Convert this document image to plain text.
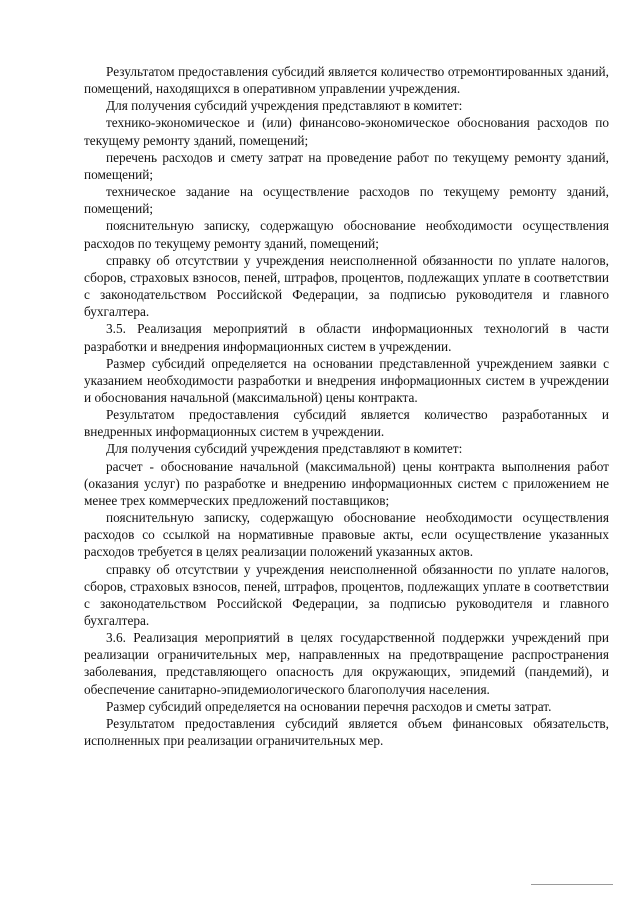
Результатом предоставления субсидий является количество отремонтированных зданий, помещений, находящихся в оперативном управлении учреждения.

Для получения субсидий учреждения представляют в комитет:

технико-экономическое и (или) финансово-экономическое обоснования расходов по текущему ремонту зданий, помещений;

перечень расходов и смету затрат на проведение работ по текущему ремонту зданий, помещений;

техническое задание на осуществление расходов по текущему ремонту зданий, помещений;

пояснительную записку, содержащую обоснование необходимости осуществления расходов по текущему ремонту зданий, помещений;

справку об отсутствии у учреждения неисполненной обязанности по уплате налогов, сборов, страховых взносов, пеней, штрафов, процентов, подлежащих уплате в соответствии с законодательством Российской Федерации, за подписью руководителя и главного бухгалтера.

3.5. Реализация мероприятий в области информационных технологий в части разработки и внедрения информационных систем в учреждении.

Размер субсидий определяется на основании представленной учреждением заявки с указанием необходимости разработки и внедрения информационных систем в учреждении и обоснования начальной (максимальной) цены контракта.

Результатом предоставления субсидий является количество разработанных и внедренных информационных систем в учреждении.

Для получения субсидий учреждения представляют в комитет:

расчет - обоснование начальной (максимальной) цены контракта выполнения работ (оказания услуг) по разработке и внедрению информационных систем с приложением не менее трех коммерческих предложений поставщиков;

пояснительную записку, содержащую обоснование необходимости осуществления расходов со ссылкой на нормативные правовые акты, если осуществление указанных расходов требуется в целях реализации положений указанных актов.

справку об отсутствии у учреждения неисполненной обязанности по уплате налогов, сборов, страховых взносов, пеней, штрафов, процентов, подлежащих уплате в соответствии с законодательством Российской Федерации, за подписью руководителя и главного бухгалтера.

3.6. Реализация мероприятий в целях государственной поддержки учреждений при реализации ограничительных мер, направленных на предотвращение распространения заболевания, представляющего опасность для окружающих, эпидемий (пандемий), и обеспечение санитарно-эпидемиологического благополучия населения.

Размер субсидий определяется на основании перечня расходов и сметы затрат.

Результатом предоставления субсидий является объем финансовых обязательств, исполненных при реализации ограничительных мер.
